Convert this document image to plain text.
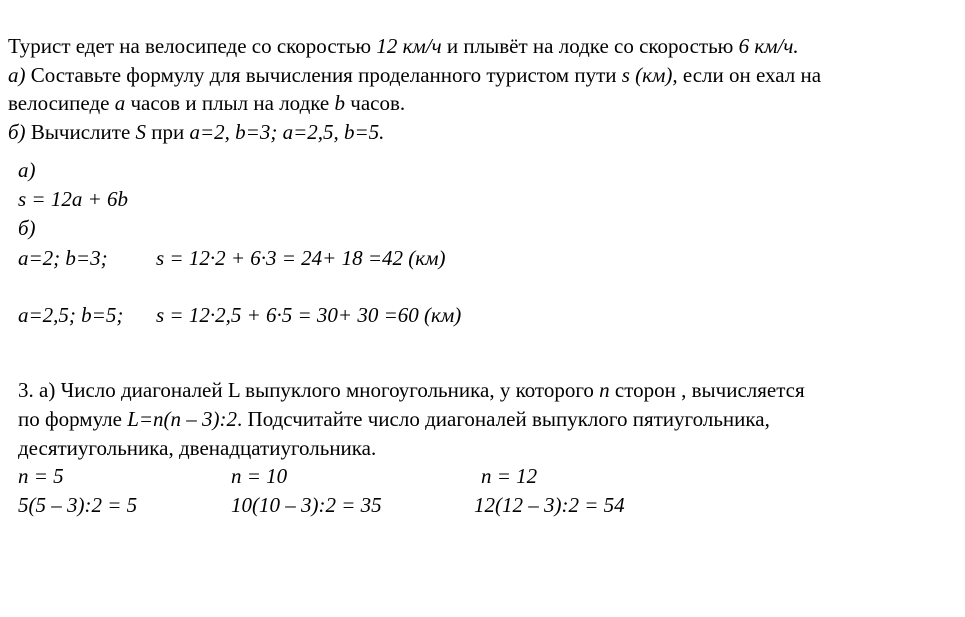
Турист едет на велосипеде со скоростью 12 км/ч и плывёт на лодке со скоростью 6 км/ч.
а) Составьте формулу для вычисления проделанного туристом пути s (км), если он ехал на
велосипеде a часов и плыл на лодке b часов.
б) Вычислите S при a=2, b=3; a=2,5, b=5.
а)
s = 12a + 6b
б)
a=2; b=3; s = 12·2 + 6·3 = 24+ 18 =42 (км)
a=2,5; b=5; s = 12·2,5 + 6·5 = 30+ 30 =60 (км)
3. а) Число диагоналей L выпуклого многоугольника, у которого n сторон , вычисляется
по формуле L=n(n – 3):2. Подсчитайте число диагоналей выпуклого пятиугольника,
десятиугольника, двенадцатиугольника.
n = 5	n = 10	n = 12
5(5 – 3):2 = 5	10(10 – 3):2 = 35	12(12 – 3):2 = 54
